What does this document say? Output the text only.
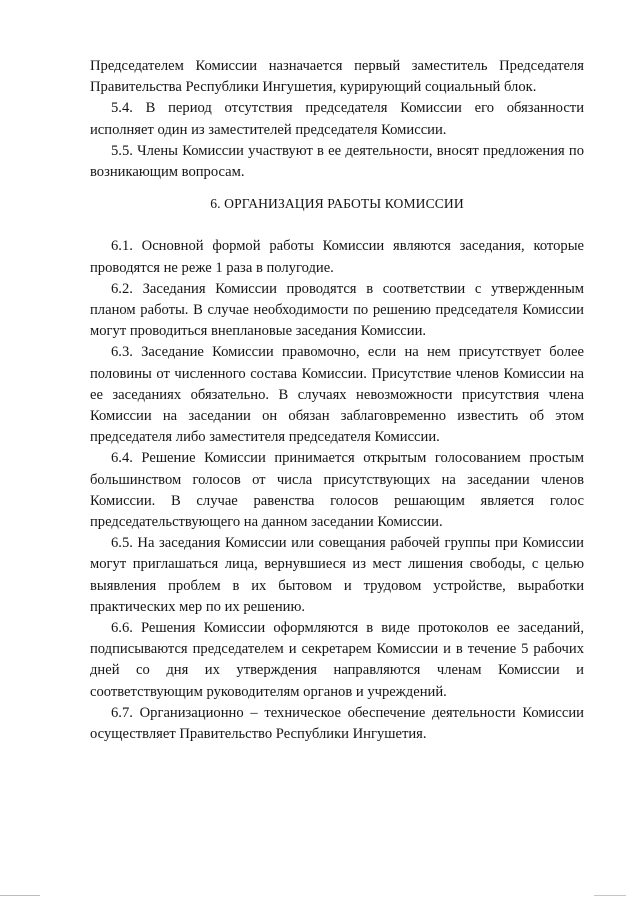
Председателем Комиссии назначается первый заместитель Председателя Правительства Республики Ингушетия, курирующий социальный блок.

5.4. В период отсутствия председателя Комиссии его обязанности исполняет один из заместителей председателя Комиссии.

5.5. Члены Комиссии участвуют в ее деятельности, вносят предложения по возникающим вопросам.

6. ОРГАНИЗАЦИЯ РАБОТЫ КОМИССИИ

6.1. Основной формой работы Комиссии являются заседания, которые проводятся не реже 1 раза в полугодие.

6.2. Заседания Комиссии проводятся в соответствии с утвержденным планом работы. В случае необходимости по решению председателя Комиссии могут проводиться внеплановые заседания Комиссии.

6.3. Заседание Комиссии правомочно, если на нем присутствует более половины от численного состава Комиссии. Присутствие членов Комиссии на ее заседаниях обязательно. В случаях невозможности присутствия члена Комиссии на заседании он обязан заблаговременно известить об этом председателя либо заместителя председателя Комиссии.

6.4. Решение Комиссии принимается открытым голосованием простым большинством голосов от числа присутствующих на заседании членов Комиссии. В случае равенства голосов решающим является голос председательствующего на данном заседании Комиссии.

6.5. На заседания Комиссии или совещания рабочей группы при Комиссии могут приглашаться лица, вернувшиеся из мест лишения свободы, с целью выявления проблем в их бытовом и трудовом устройстве, выработки практических мер по их решению.

6.6. Решения Комиссии оформляются в виде протоколов ее заседаний, подписываются председателем и секретарем Комиссии и в течение 5 рабочих дней со дня их утверждения направляются членам Комиссии и соответствующим руководителям органов и учреждений.

6.7. Организационно – техническое обеспечение деятельности Комиссии осуществляет Правительство Республики Ингушетия.
